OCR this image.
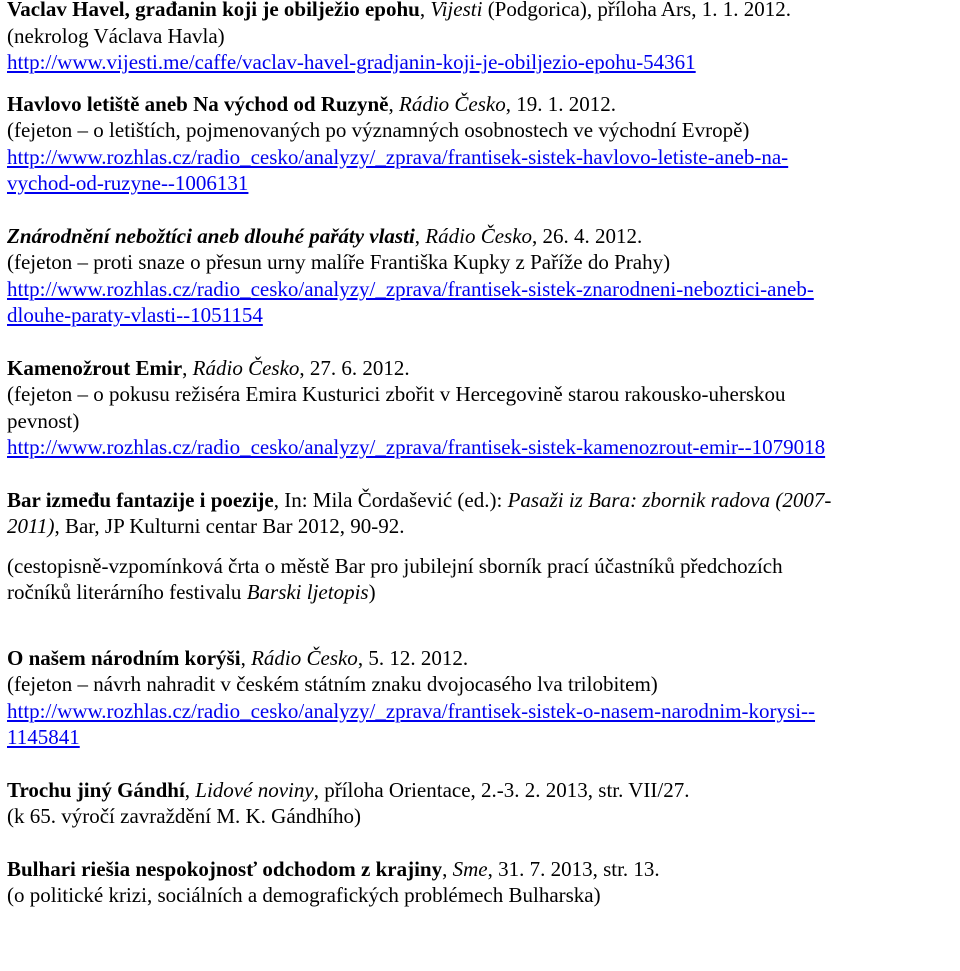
Vaclav Havel, građanin koji je obilježio epohu, Vijesti (Podgorica), příloha Ars, 1. 1. 2012.
(nekrolog Václava Havla)
http://www.vijesti.me/caffe/vaclav-havel-gradjanin-koji-je-obiljezio-epohu-54361
Havlovo letiště aneb Na východ od Ruzyně, Rádio Česko, 19. 1. 2012.
(fejeton – o letištích, pojmenovaných po významných osobnostech ve východní Evropě)
http://www.rozhlas.cz/radio_cesko/analyzy/_zprava/frantisek-sistek-havlovo-letiste-aneb-na-
vychod-od-ruzyne--1006131
Znárodnění nebožtíci aneb dlouhé pařáty vlasti, Rádio Česko, 26. 4. 2012.
(fejeton – proti snaze o přesun urny malíře Františka Kupky z Paříže do Prahy)
http://www.rozhlas.cz/radio_cesko/analyzy/_zprava/frantisek-sistek-znarodneni-neboztici-aneb-
dlouhe-paraty-vlasti--1051154
Kamenožrout Emir, Rádio Česko, 27. 6. 2012.
(fejeton – o pokusu režiséra Emira Kusturici zbořit v Hercegovině starou rakousko-uherskou
pevnost)
http://www.rozhlas.cz/radio_cesko/analyzy/_zprava/frantisek-sistek-kamenozrout-emir--1079018
Bar između fantazije i poezije, In: Mila Čordašević (ed.): Pasaži iz Bara: zbornik radova (2007-
2011), Bar, JP Kulturni centar Bar 2012, 90-92.
(cestopisně-vzpomínková črta o městě Bar pro jubilejní sborník prací účastníků předchozích
ročníků literárního festivalu Barski ljetopis)
O našem národním korýši, Rádio Česko, 5. 12. 2012.
(fejeton – návrh nahradit v českém státním znaku dvojocasého lva trilobitem)
http://www.rozhlas.cz/radio_cesko/analyzy/_zprava/frantisek-sistek-o-nasem-narodnim-korysi--
1145841
Trochu jiný Gándhí, Lidové noviny, příloha Orientace, 2.-3. 2. 2013, str. VII/27.
(k 65. výročí zavraždění M. K. Gándhího)
Bulhari riešia nespokojnosť odchodom z krajiny, Sme, 31. 7. 2013, str. 13.
(o politické krizi, sociálních a demografických problémech Bulharska)
